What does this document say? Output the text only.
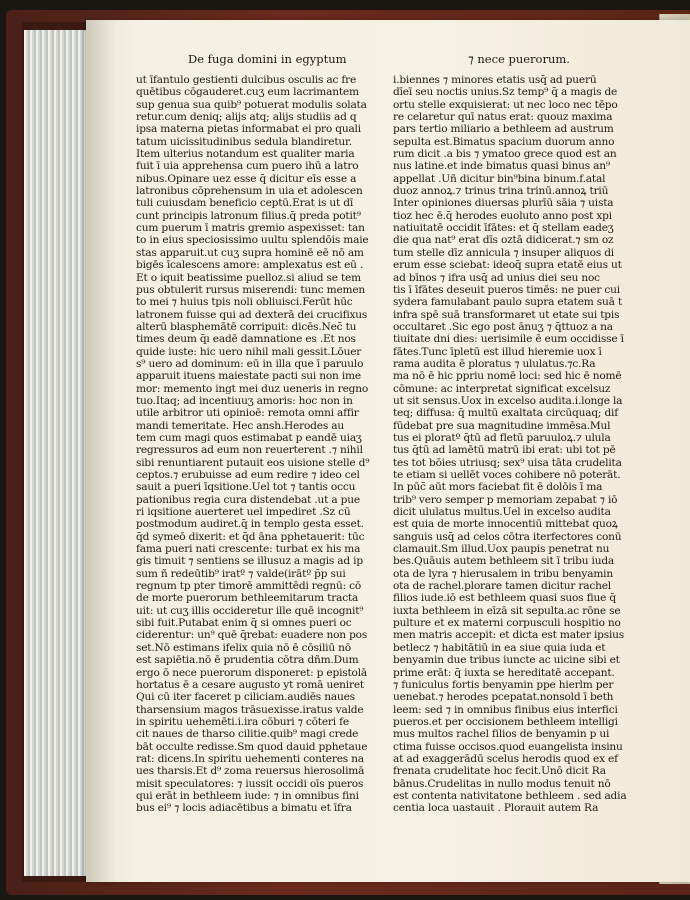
De fuga domini in egyptum	⁊ nece puerorum.
ut īfantulo gestienti dulcibus osculis ac fre
quētibus cōgauderet.cuʒ eum lacrimantem
sup genua sua quib⁹ potuerat modulis solata
retur.cum deniq; alijs atq; alijs studiis ad q
ipsa materna pietas informabat ei pro quali
tatum uicissitudinibus sedula blandiretur.
Item ulterius notandum est qualiter maria
fuit ī uia apprehensa cum puero ihū a latro
nibus.Opinare uez esse q̄ dicitur eīs esse a
latronibus cōprehensum in uia et adolescen
tuli cuiusdam beneficio ceptū.Erat is ut dī
cunt principis latronum filius.q̄ preda potit⁹
cum puerum ī matris gremio aspexisset: tan
to in eius speciosissimo uultu splendōis maie
stas apparuit.ut cuʒ supra hominē eē nō am
bigēs īcalescens amore: amplexatus est eū .
Et o iquit beatissime puelloz.si aliud se tem
pus obtulerit rursus miserendi: tunc memen
to mei ⁊ huius tpis noli obliuisci.Ferūt hūc
latronem fuisse qui ad dexterā dei crucifixus
alterū blasphemātē corripuit: dicēs.Nec̄ tu
times deum q̄ı eadē damnatione es .Et nos
quide iuste: hic uero nihil mali gessit.Lōuer
s⁹ uero ad dominum: eū in illa que ī paruulo
apparuit ituens maiestate pacti sui non ime
mor: memento ingt mei duz ueneris in regno
tuo.Itaq; ad incentiuuʒ amoris: hoc non in
utile arbitror uti opinioē: remota omni affir
mandi temeritate. Hec ansh.Herodes au
tem cum magi quos estimabat p eandē uiaʒ
regressuros ad eum non reuerterent .⁊ nihil
sibi renuntiarent putauit eos uisione stelle d⁹
ceptos.⁊ erubuisse ad eum redire ⁊ ideo cel
sauit a pueri īqsitione.Uel tot ⁊ tantis occu
pationibus regia cura distendebat̃ .ut a pue
ri iqsitione auerteret̃ uel impediret̃ .Sz cū
postmodum audiret.q̄ in templo gesta esset.
q̄d symeō dixerit: et q̄d āna pphetauerit: tūc
fama pueri nati crescente: turbat̃ ex his ma
gis timuit ⁊ sentiens se illusuz a magis ad ip
sum ñ redeūtib⁹ iratº ⁊ valde(irātº p̄p sui
regnum t̄p pter timorē ammittēdi regnū: cō
de morte puerorum bethleemitarum tracta
uit: ut cuʒ illis occideretur ille quē incognit⁹
sibi fuit.Putabat enim q̄ si omnes pueri oc
ciderentur: un⁹ quē q̄rebat: euadere non pos
set.Nō estimans ifelix quia nō ē cōsiliū nō
est sapiētia.nō ē prudentia cōtra dñm.Dum
ergo ō nece puerorum disponeret: p epistolā
hortatus ē a cesare augusto yt romā ueniret
Qui cū iter faceret p ciliciam.audiēs naues
tharsensium magos trāsuexisse.iratus valde
in spiritu uehemēti.i.ira cōburi ⁊ cōteri fe
cit naues de tharso cilitie.quib⁹ magi crede
bāt̃ occulte redisse.Sm quod dauid pphetaue
rat: dicens.In spiritu uehementi conteres na
ues tharsis.Et d⁹ zoma reuersus hierosolimā
misit speculatores: ⁊ iussit occidi oīs pueros
qui erāt in bethleem iude: ⁊ in omnibus fini
bus ei⁹ ⁊ locis adiacētibus a bimatu et īfra
i.biennes ⁊ minores etatis usq̄ ad puerū
dīeī seu noctis unius.Sz temp⁹ q̄ a magis de
ortu stelle exquisierat: ut nec loco nec tēpo
re celaretur quī natus erat: quouz maxima
pars tertio miliario a bethleem ad austrum
sepulta est.Bimatus spacium duorum anno
rum dicit̃ .a bis ⁊ ymatoo grece quod est an
nus latine.et inde bimatus quasi binus an⁹
appellat̃ .Uñ dicitur bin⁹bina binum.f.atal
duoz annoꝝ.⁊ trinus trina trinū.annoꝝ triū
Inter opiniones diuersas plurīū sāia ⁊ uista
tioz hec ē.q̄ herodes euoluto anno post xpi
natiuitatē occidit īfātes: et q̄ stellam eadeʒ
die qua nat⁹ erat dīs oztā didicerat.⁊ sm oz
tum stelle dīz annicula ⁊ insuper aliquos di
erum esse sciebat: ideoq̄ supra etatē eius ut
ad bīnos ⁊ ifra usq̄ ad unius diei seu noc
tis ī īfātes deseuit pueros timēs: ne puer cui
sydera famulabant paulo supra etatem suā t̄
infra spē suā transformaret ut etate sui tpis
occultaret̃ .Sic ego post ānuʒ ⁊ q̄ttuoz a na
tiuitate dni dies: uerisimile ē eum occidisse ī
fātes.Tunc īpletū est illud hieremie uox ī
rama audita ē ploratus ⁊ ululatus.⁊c.Ra
ma nō ē hic ppriu nomē loci: sed hic ē nomē
cōmune: ac interpretat̃ significat excelsuz
ut sit sensus.Uox in excelso audita.i.longe la
teq; diffusa: q̄ multū exaltata circūquaq; dif
fūdebat̃ pre sua magnitudine immēsa.Mul
tus ei ploratº q̄tū ad fletū paruuloꝝ.⁊ ulula
tus q̄tū ad lamētū matrū ibi erat: ubi tot pē
tes tot bōies utriusq; sex⁹ uisa tāta crudelita
te etiam si uellēt voces cohibere nō poterāt.
In pūc̄ aūt mors faciebat fit ē dolōis ī ma
trib⁹ vero semper p memoriam zepabat̃ ⁊ iō
dicit ululatus multus.Uel in excelso audita
est quia de morte innocentiū mittebat̃ quoꝝ
sanguis usq̄ ad celos cōtra iterfectores conū
clamauit.Sm illud.Uox paupis penetrat nu
bes.Quāuis autem bethleem sit ī tribu iuda
ota de lyra ⁊ hierusalem in tribu benyamin
ota de rachel.plorare tamen dicitur rachel
filios iude.iō est bethleem quasi suos fiue q̄
iuxta bethleem in eīzā sit sepulta.ac rōne se
pulture et ex materni corpusculi hospitio no
men matris accepit: et dicta est mater ipsius
betlecz ⁊ habitātiū in ea siue quia iuda et
benyamin due tribus iuncte ac uicine sibi et
prime erāt: q̄ iuxta se hereditatē accepant.
⁊ funiculus fortis benyamin ppe hierl̄m per
uenebat.⁊ herodes pcepatat.nonsold ī beth
leem: sed ⁊ in omnibus finibus eius interfici
pueros.et per occisionem bethleem intelligi
mus multos rachel filios de benyamin p ui
ctima fuisse occisos.quod euangelista insinu
at ad exaggerādū scelus herodis quod ex ef
frenata crudelitate hoc fecit.Unō dicit Ra
bānus.Crudelitas in nullo modus tenuit nō
est contenta nativitatone bethleem . sed adia
centia loca uastauit . Plorauit autem Ra
